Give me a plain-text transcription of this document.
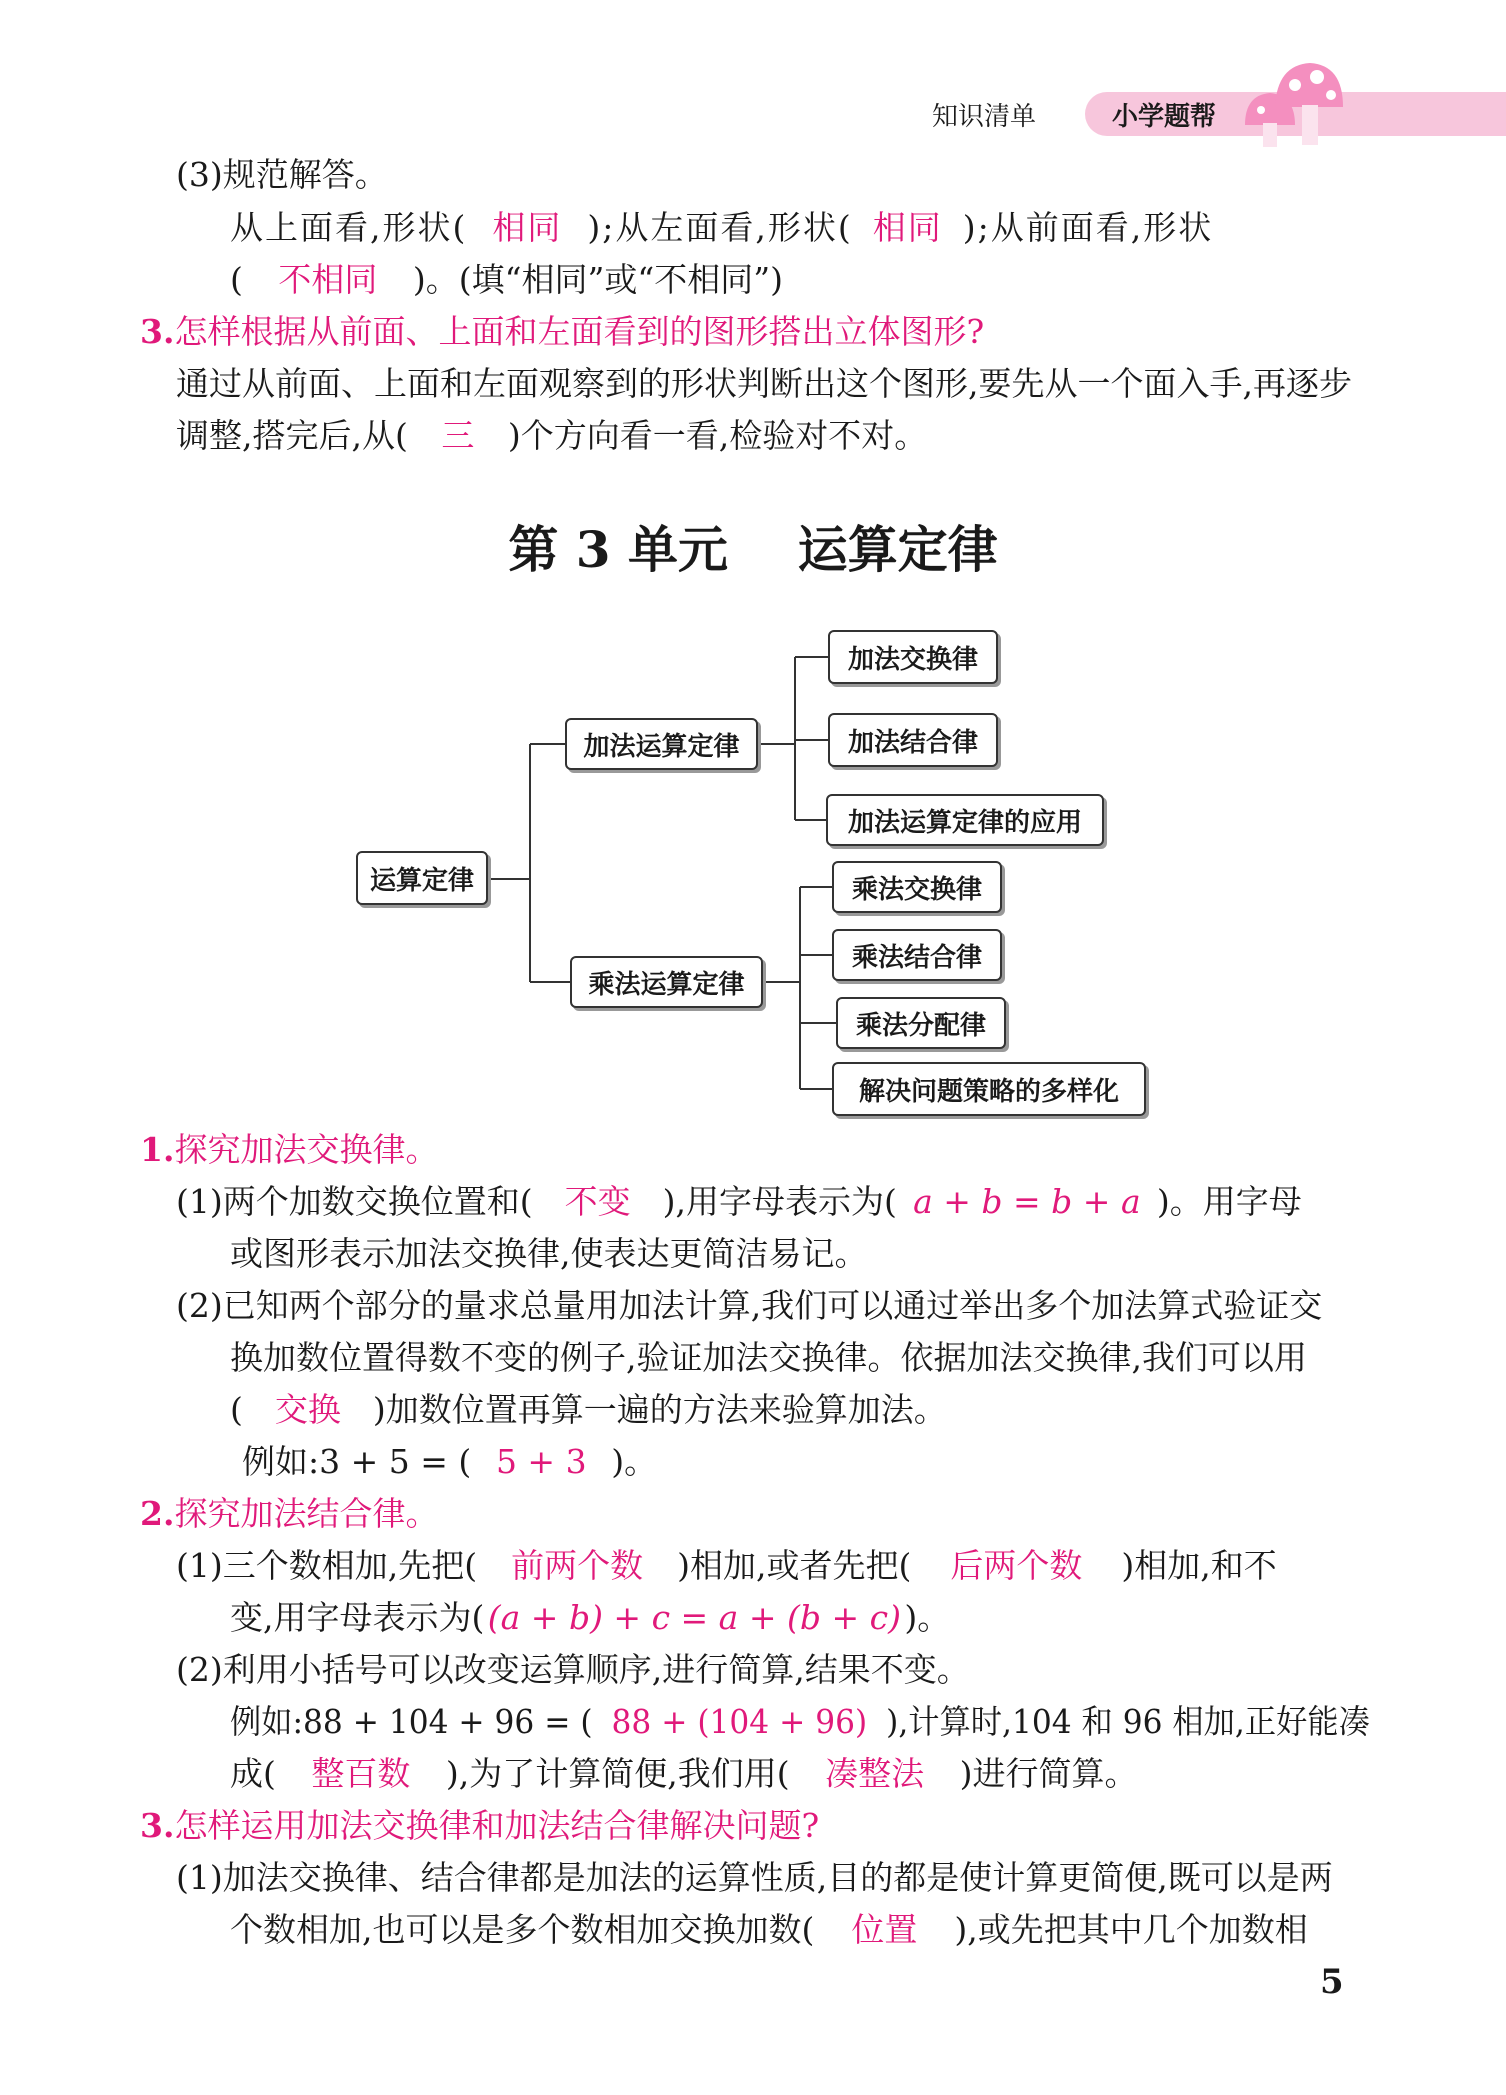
知识清单	小学题帮
(3)规范解答。
从上面看,形状( 相同 );从左面看,形状( 相同 );从前面看,形状
( 不相同 )。(填“相同”或“不相同”)
3.怎样根据从前面、上面和左面看到的图形搭出立体图形?
通过从前面、上面和左面观察到的形状判断出这个图形,要先从一个面入手,再逐步
调整,搭完后,从( 三 )个方向看一看,检验对不对。
第 3 单元    运算定律
运算定律
加法运算定律
乘法运算定律
加法交换律
加法结合律
加法运算定律的应用
乘法交换律
乘法结合律
乘法分配律
解决问题策略的多样化
1.探究加法交换律。
(1)两个加数交换位置和( 不变 ),用字母表示为( a + b = b + a )。用字母
或图形表示加法交换律,使表达更简洁易记。
(2)已知两个部分的量求总量用加法计算,我们可以通过举出多个加法算式验证交
换加数位置得数不变的例子,验证加法交换律。依据加法交换律,我们可以用
( 交换 )加数位置再算一遍的方法来验算加法。
例如:3 + 5 = ( 5 + 3 )。
2.探究加法结合律。
(1)三个数相加,先把( 前两个数 )相加,或者先把( 后两个数 )相加,和不
变,用字母表示为( (a + b) + c = a + (b + c) )。
(2)利用小括号可以改变运算顺序,进行简算,结果不变。
例如:88 + 104 + 96 = ( 88 + (104 + 96) ),计算时,104 和 96 相加,正好能凑
成( 整百数 ),为了计算简便,我们用( 凑整法 )进行简算。
3.怎样运用加法交换律和加法结合律解决问题?
(1)加法交换律、结合律都是加法的运算性质,目的都是使计算更简便,既可以是两
个数相加,也可以是多个数相加交换加数( 位置 ),或先把其中几个加数相
5
